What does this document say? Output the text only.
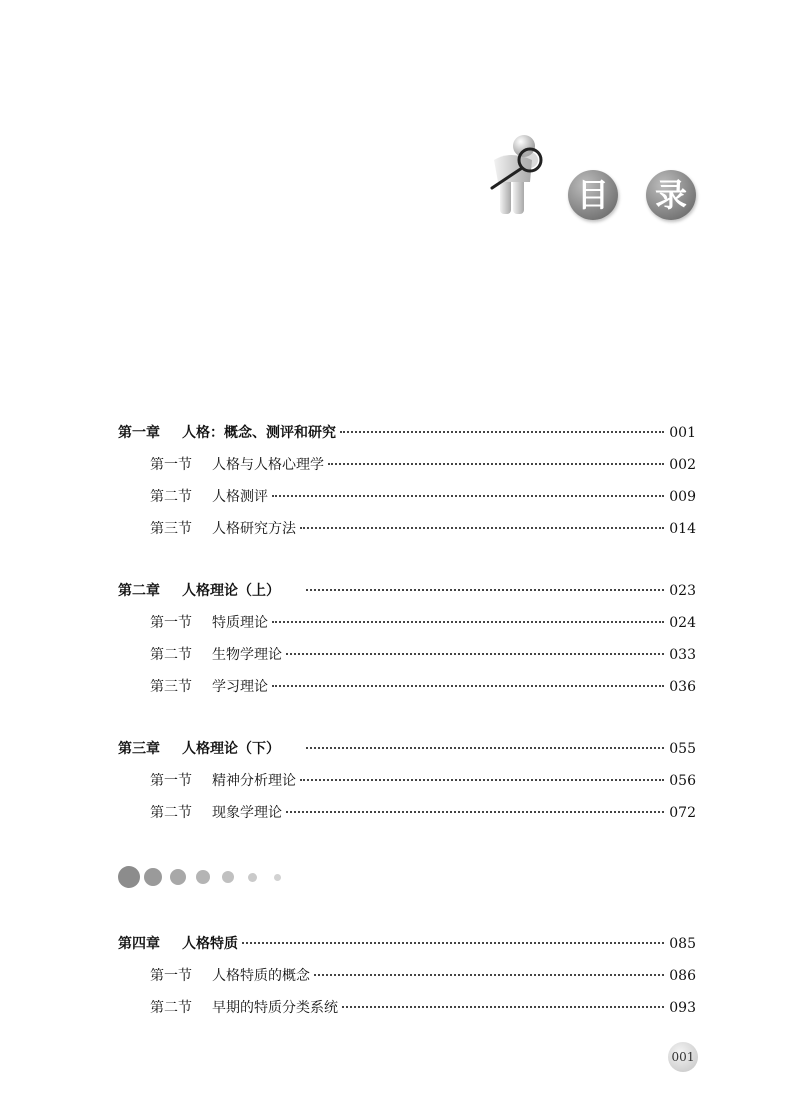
目 录
第一章	人格：概念、测评和研究	001
第一节	人格与人格心理学	002
第二节	人格测评	009
第三节	人格研究方法	014
第二章	人格理论（上）	023
第一节	特质理论	024
第二节	生物学理论	033
第三节	学习理论	036
第三章	人格理论（下）	055
第一节	精神分析理论	056
第二节	现象学理论	072
第四章	人格特质	085
第一节	人格特质的概念	086
第二节	早期的特质分类系统	093
001
